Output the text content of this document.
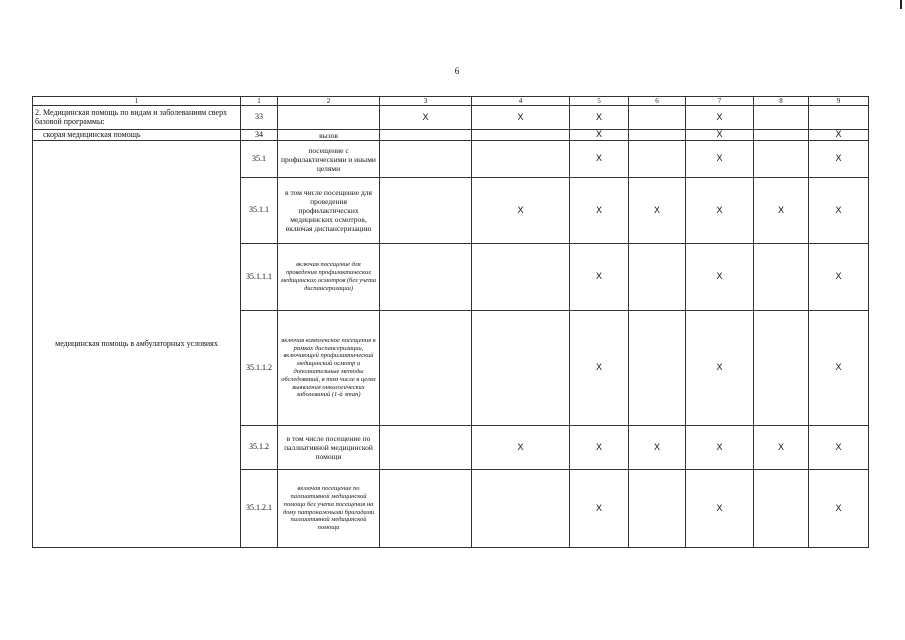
6
1	1	2	3	4	5	6	7	8	9
2. Медицинская помощь по видам и заболеваниям сверх базовой программы:	33		Х	Х	Х		Х		
скорая медицинская помощь	34	вызов			Х		Х		Х
медицинская помощь в амбулаторных условиях	35.1	посещение с профилактическими и иными целями			Х		Х		Х
	35.1.1	в том числе посещение для проведения профилактических медицинских осмотров, включая диспансеризацию		Х	Х	Х	Х	Х	Х
	35.1.1.1	включая посещение для проведения профилактических медицинских осмотров (без учета диспансеризации)			Х		Х		Х
	35.1.1.2	включая комплексное посещения в рамках диспансеризации, включающей профилактический медицинский осмотр и дополнительные методы обследований, в том числе в целях выявления онкологических заболеваний (1-й этап)			Х		Х		Х
	35.1.2	в том числе посещение по паллиативной медицинской помощи		Х	Х	Х	Х	Х	Х
	35.1.2.1	включая посещение по паллиативной медицинской помощи без учета посещения на дому патронажными бригадами паллиативной медицинской помощи			Х		Х		Х
